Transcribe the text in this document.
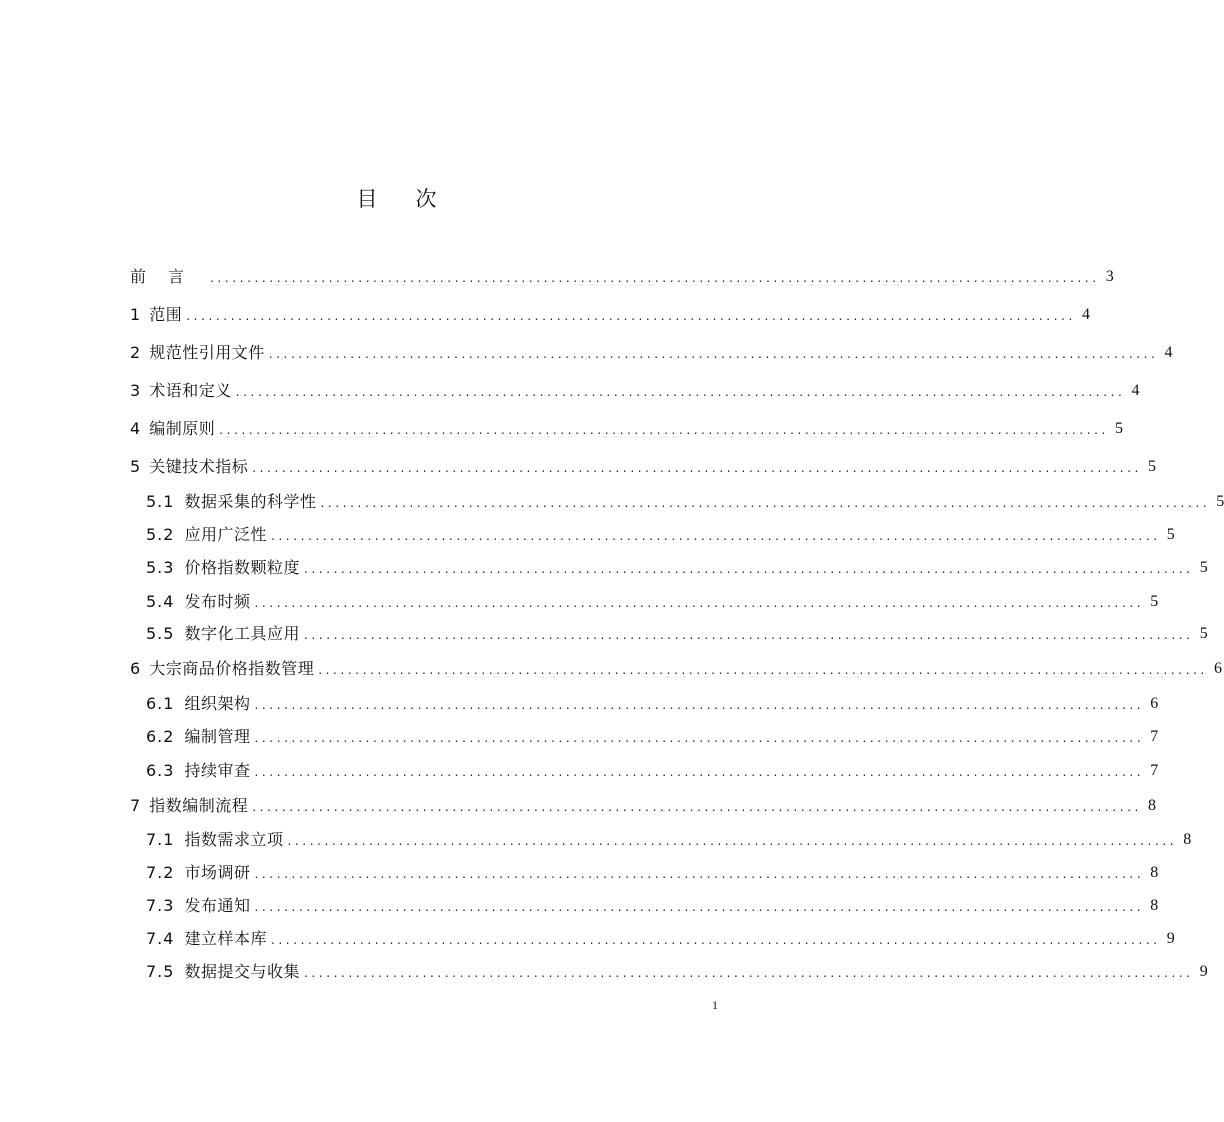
目次
前言 ........................................................................................................................ 3
1 范围 ........................................................................................................................ 4
2 规范性引用文件 ........................................................................................................................ 4
3 术语和定义 ........................................................................................................................ 4
4 编制原则 ........................................................................................................................ 5
5 关键技术指标 ........................................................................................................................ 5
5.1 数据采集的科学性 ........................................................................................................................ 5
5.2 应用广泛性 ........................................................................................................................ 5
5.3 价格指数颗粒度 ........................................................................................................................ 5
5.4 发布时频 ........................................................................................................................ 5
5.5 数字化工具应用 ........................................................................................................................ 5
6 大宗商品价格指数管理 ........................................................................................................................ 6
6.1 组织架构 ........................................................................................................................ 6
6.2 编制管理 ........................................................................................................................ 7
6.3 持续审查 ........................................................................................................................ 7
7 指数编制流程 ........................................................................................................................ 8
7.1 指数需求立项 ........................................................................................................................ 8
7.2 市场调研 ........................................................................................................................ 8
7.3 发布通知 ........................................................................................................................ 8
7.4 建立样本库 ........................................................................................................................ 9
7.5 数据提交与收集 ........................................................................................................................ 9
1
